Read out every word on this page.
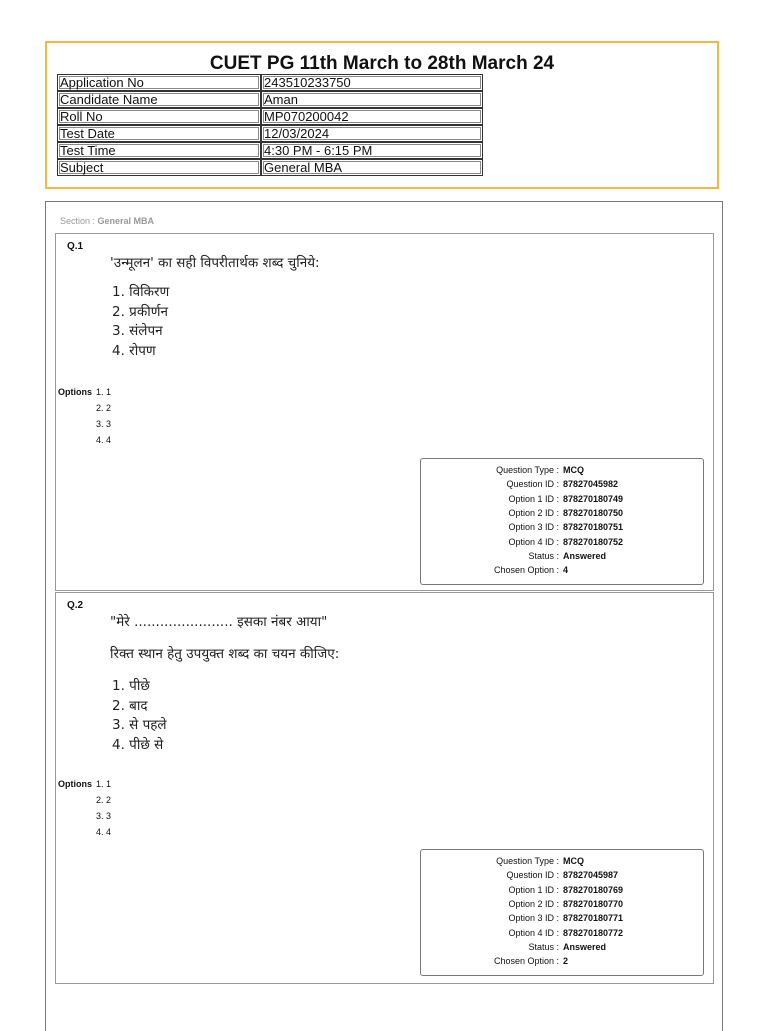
CUET PG 11th March to 28th March 24
Application No	243510233750
Candidate Name	Aman
Roll No	MP070200042
Test Date	12/03/2024
Test Time	4:30 PM - 6:15 PM
Subject	General MBA
Section : General MBA
Q.1
'उन्मूलन' का सही विपरीतार्थक शब्द चुनिये:
1. विकिरण
2. प्रकीर्णन
3. संलेपन
4. रोपण
Options 1. 1
2. 2
3. 3
4. 4
Question Type : MCQ
Question ID : 87827045982
Option 1 ID : 878270180749
Option 2 ID : 878270180750
Option 3 ID : 878270180751
Option 4 ID : 878270180752
Status : Answered
Chosen Option : 4
Q.2
"मेरे ....................... इसका नंबर आया"
रिक्त स्थान हेतु उपयुक्त शब्द का चयन कीजिए:
1. पीछे
2. बाद
3. से पहले
4. पीछे से
Options 1. 1
2. 2
3. 3
4. 4
Question Type : MCQ
Question ID : 87827045987
Option 1 ID : 878270180769
Option 2 ID : 878270180770
Option 3 ID : 878270180771
Option 4 ID : 878270180772
Status : Answered
Chosen Option : 2
